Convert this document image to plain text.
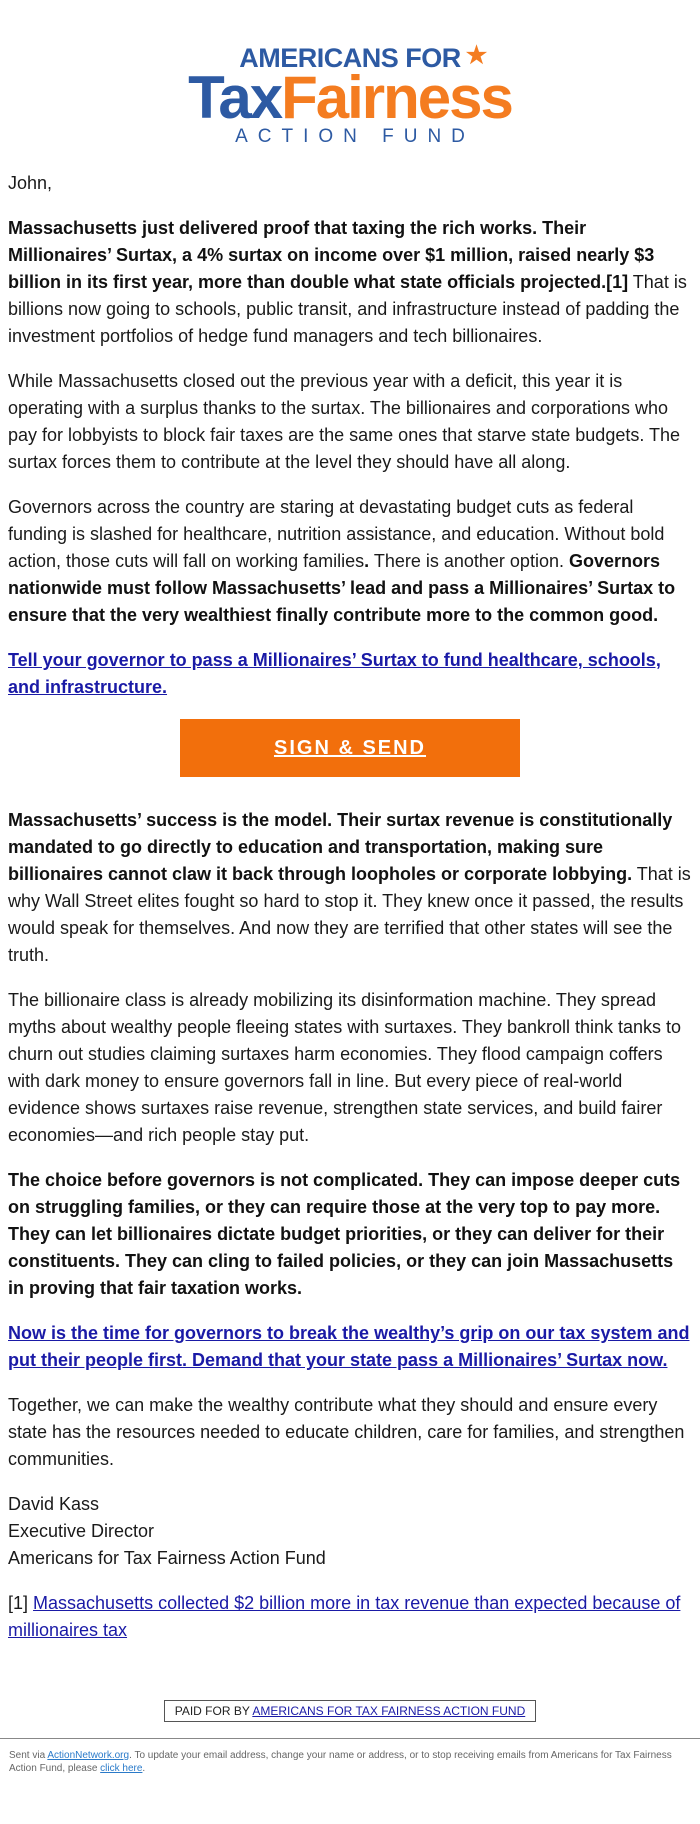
AMERICANS FOR ★
TaxFairness
ACTION FUND

John,

Massachusetts just delivered proof that taxing the rich works. Their Millionaires’ Surtax, a 4% surtax on income over $1 million, raised nearly $3 billion in its first year, more than double what state officials projected.[1] That is billions now going to schools, public transit, and infrastructure instead of padding the investment portfolios of hedge fund managers and tech billionaires.

While Massachusetts closed out the previous year with a deficit, this year it is operating with a surplus thanks to the surtax. The billionaires and corporations who pay for lobbyists to block fair taxes are the same ones that starve state budgets. The surtax forces them to contribute at the level they should have all along.

Governors across the country are staring at devastating budget cuts as federal funding is slashed for healthcare, nutrition assistance, and education. Without bold action, those cuts will fall on working families. There is another option. Governors nationwide must follow Massachusetts’ lead and pass a Millionaires’ Surtax to ensure that the very wealthiest finally contribute more to the common good.

Tell your governor to pass a Millionaires’ Surtax to fund healthcare, schools, and infrastructure.

SIGN & SEND

Massachusetts’ success is the model. Their surtax revenue is constitutionally mandated to go directly to education and transportation, making sure billionaires cannot claw it back through loopholes or corporate lobbying. That is why Wall Street elites fought so hard to stop it. They knew once it passed, the results would speak for themselves. And now they are terrified that other states will see the truth.

The billionaire class is already mobilizing its disinformation machine. They spread myths about wealthy people fleeing states with surtaxes. They bankroll think tanks to churn out studies claiming surtaxes harm economies. They flood campaign coffers with dark money to ensure governors fall in line. But every piece of real-world evidence shows surtaxes raise revenue, strengthen state services, and build fairer economies—and rich people stay put.

The choice before governors is not complicated. They can impose deeper cuts on struggling families, or they can require those at the very top to pay more. They can let billionaires dictate budget priorities, or they can deliver for their constituents. They can cling to failed policies, or they can join Massachusetts in proving that fair taxation works.

Now is the time for governors to break the wealthy’s grip on our tax system and put their people first. Demand that your state pass a Millionaires’ Surtax now.

Together, we can make the wealthy contribute what they should and ensure every state has the resources needed to educate children, care for families, and strengthen communities.

David Kass

Executive Director

Americans for Tax Fairness Action Fund

[1] Massachusetts collected $2 billion more in tax revenue than expected because of millionaires tax

PAID FOR BY AMERICANS FOR TAX FAIRNESS ACTION FUND
Sent via ActionNetwork.org. To update your email address, change your name or address, or to stop receiving emails from Americans for Tax Fairness Action Fund, please click here.
